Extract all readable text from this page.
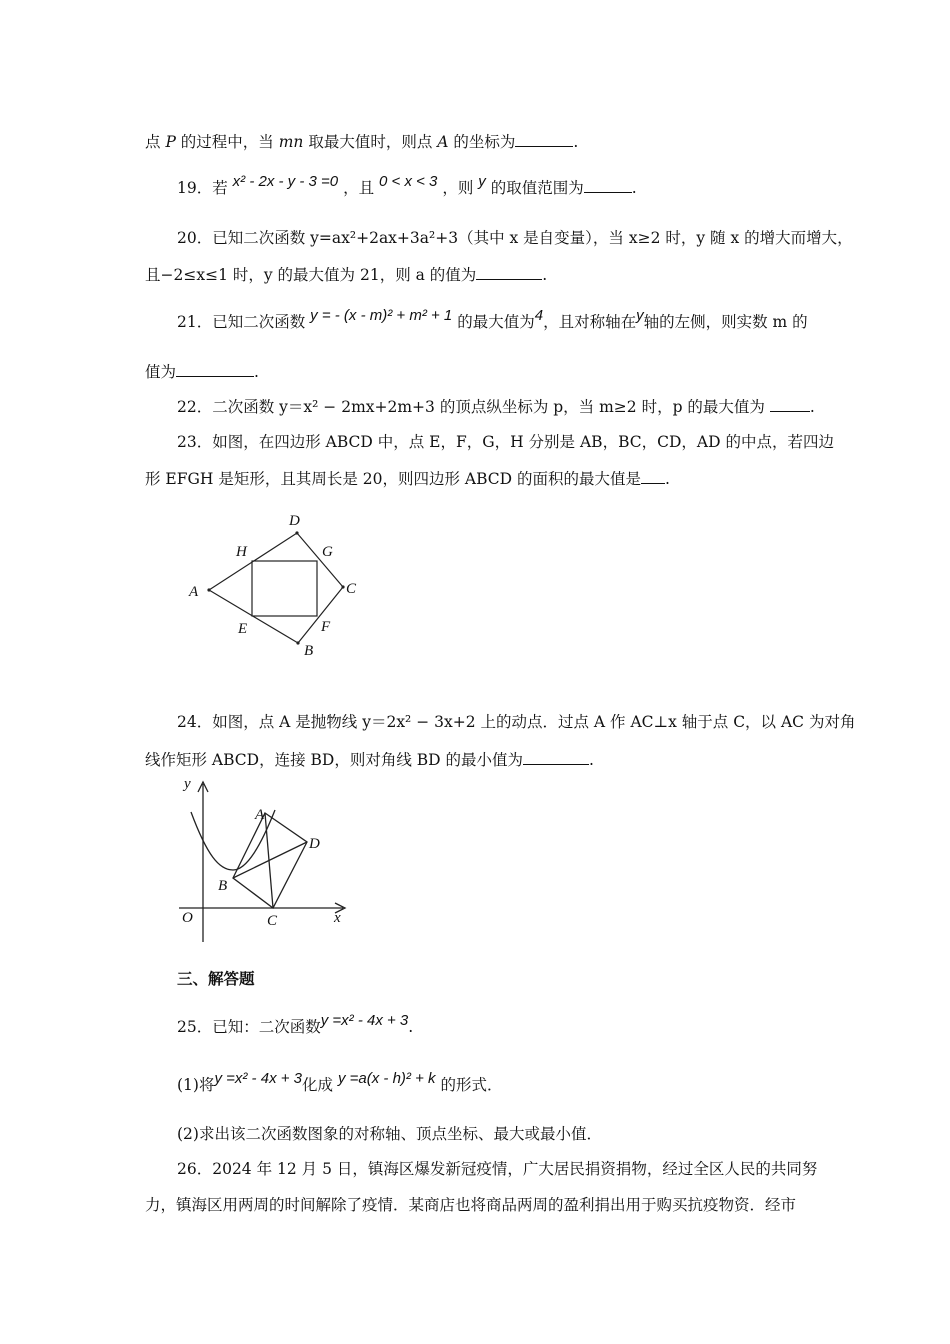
点 P 的过程中，当 mn 取最大值时，则点 A 的坐标为	.
19．若 x² - 2x - y - 3 =0 ，且 0 < x < 3 ，则 y 的取值范围为	.
20．已知二次函数 y=ax²+2ax+3a²+3（其中 x 是自变量），当 x≥2 时，y 随 x 的增大而增大，
且−2≤x≤1 时，y 的最大值为 21，则 a 的值为	.
21．已知二次函数 y = - (x - m)² + m² + 1 的最大值为4，且对称轴在y轴的左侧，则实数 m 的
值为	.
22．二次函数 y＝x² − 2mx+2m+3 的顶点纵坐标为 p，当 m≥2 时，p 的最大值为	.
23．如图，在四边形 ABCD 中，点 E，F，G，H 分别是 AB，BC，CD，AD 的中点，若四边
形 EFGH 是矩形，且其周长是 20，则四边形 ABCD 的面积的最大值是 .
D
H	G
A	C
E	F
B
24．如图，点 A 是抛物线 y＝2x² − 3x+2 上的动点．过点 A 作 AC⊥x 轴于点 C，以 AC 为对角
线作矩形 ABCD，连接 BD，则对角线 BD 的最小值为	.
y
A
D
B
O	C	x
三、解答题
25．已知：二次函数y =x² - 4x + 3.
(1)将y =x² - 4x + 3化成 y =a(x - h)² + k 的形式．
(2)求出该二次函数图象的对称轴、顶点坐标、最大或最小值．
26．2024 年 12 月 5 日，镇海区爆发新冠疫情，广大居民捐资捐物，经过全区人民的共同努
力，镇海区用两周的时间解除了疫情．某商店也将商品两周的盈利捐出用于购买抗疫物资．经市
